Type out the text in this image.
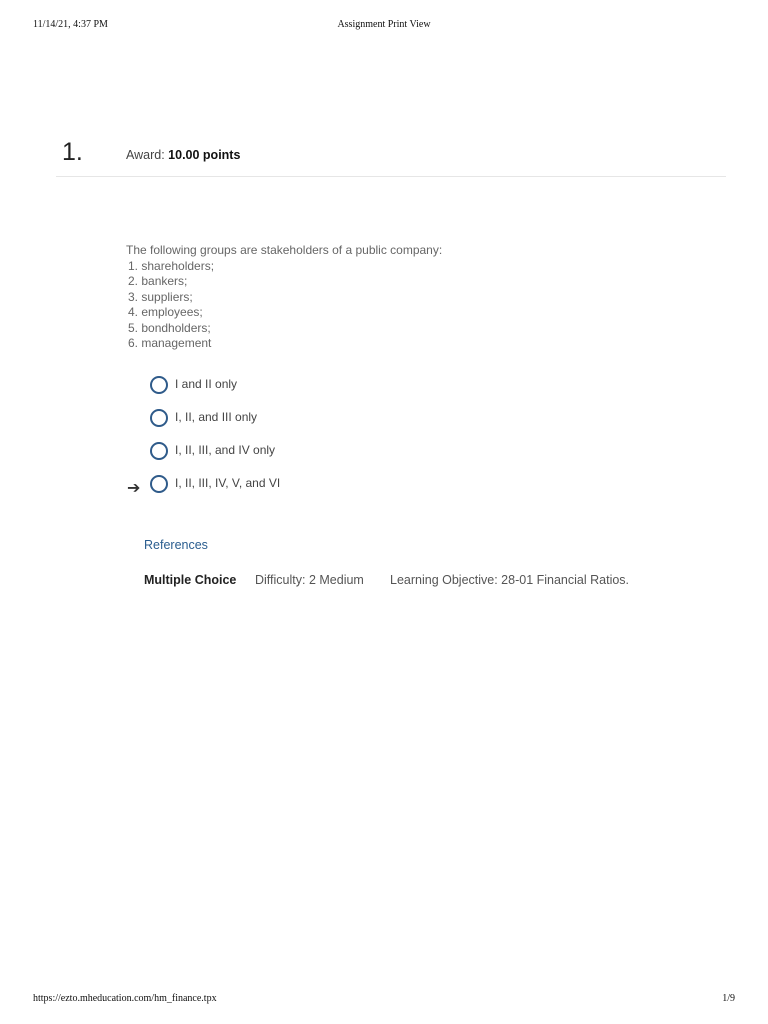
11/14/21, 4:37 PM	Assignment Print View
1.	Award: 10.00 points
The following groups are stakeholders of a public company:
1. shareholders;
2. bankers;
3. suppliers;
4. employees;
5. bondholders;
6. management
I and II only
I, II, and III only
I, II, III, and IV only
➔	I, II, III, IV, V, and VI
References
Multiple Choice Difficulty: 2 Medium Learning Objective: 28-01 Financial Ratios.
https://ezto.mheducation.com/hm_finance.tpx	1/9
